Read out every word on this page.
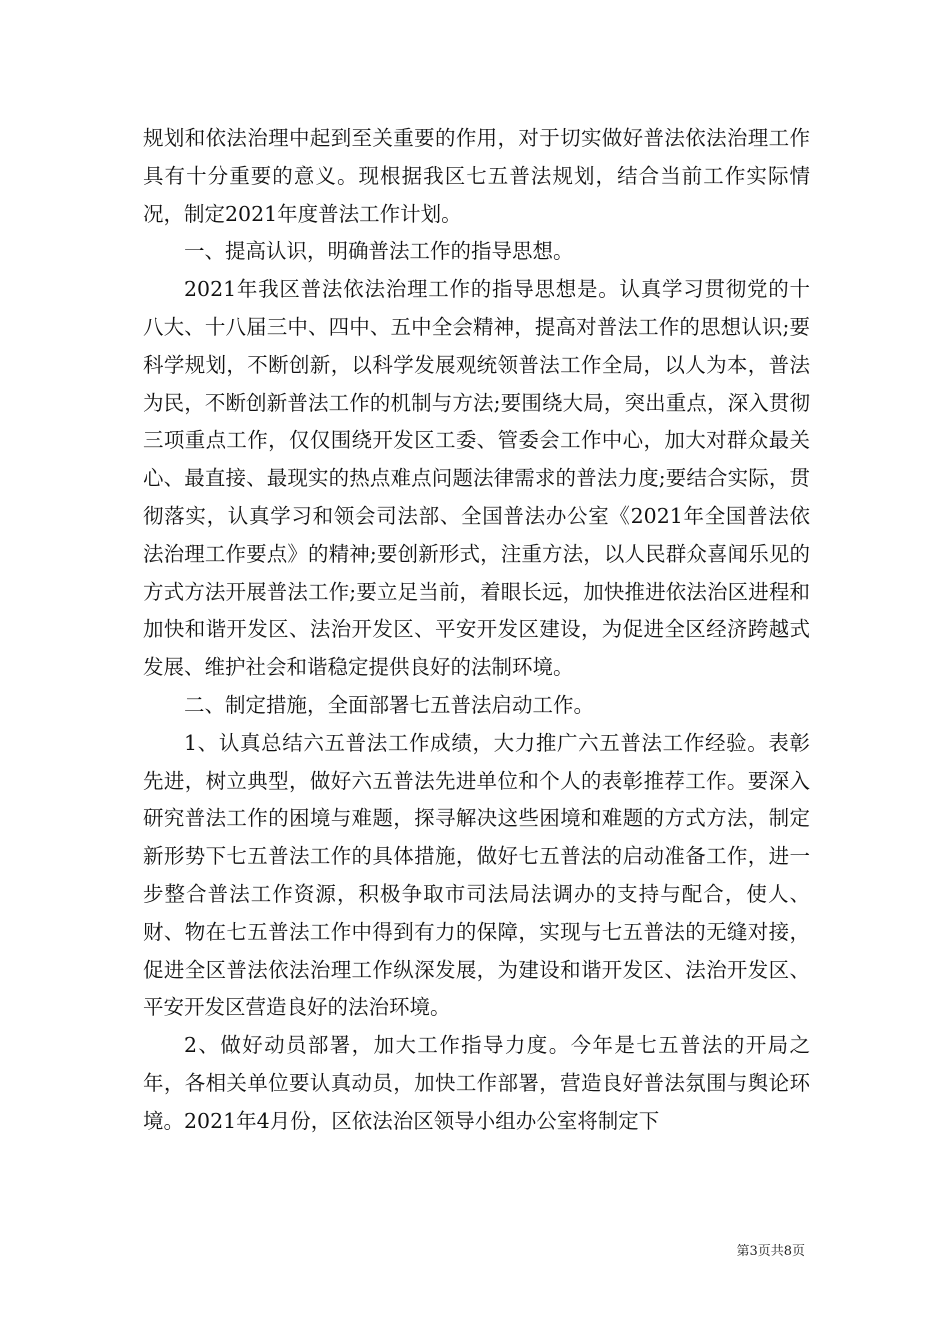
规划和依法治理中起到至关重要的作用，对于切实做好普法依法治理工作具有十分重要的意义。现根据我区七五普法规划，结合当前工作实际情况，制定2021年度普法工作计划。

一、提高认识，明确普法工作的指导思想。

2021年我区普法依法治理工作的指导思想是。认真学习贯彻党的十八大、十八届三中、四中、五中全会精神，提高对普法工作的思想认识;要科学规划，不断创新，以科学发展观统领普法工作全局，以人为本，普法为民，不断创新普法工作的机制与方法;要围绕大局，突出重点，深入贯彻三项重点工作，仅仅围绕开发区工委、管委会工作中心，加大对群众最关心、最直接、最现实的热点难点问题法律需求的普法力度;要结合实际，贯彻落实，认真学习和领会司法部、全国普法办公室《2021年全国普法依法治理工作要点》的精神;要创新形式，注重方法，以人民群众喜闻乐见的方式方法开展普法工作;要立足当前，着眼长远，加快推进依法治区进程和加快和谐开发区、法治开发区、平安开发区建设，为促进全区经济跨越式发展、维护社会和谐稳定提供良好的法制环境。

二、制定措施，全面部署七五普法启动工作。

1、认真总结六五普法工作成绩，大力推广六五普法工作经验。表彰先进，树立典型，做好六五普法先进单位和个人的表彰推荐工作。要深入研究普法工作的困境与难题，探寻解决这些困境和难题的方式方法，制定新形势下七五普法工作的具体措施，做好七五普法的启动准备工作，进一步整合普法工作资源，积极争取市司法局法调办的支持与配合，使人、财、物在七五普法工作中得到有力的保障，实现与七五普法的无缝对接，促进全区普法依法治理工作纵深发展，为建设和谐开发区、法治开发区、平安开发区营造良好的法治环境。

2、做好动员部署，加大工作指导力度。今年是七五普法的开局之年，各相关单位要认真动员，加快工作部署，营造良好普法氛围与舆论环境。2021年4月份，区依法治区领导小组办公室将制定下

第3页共8页
